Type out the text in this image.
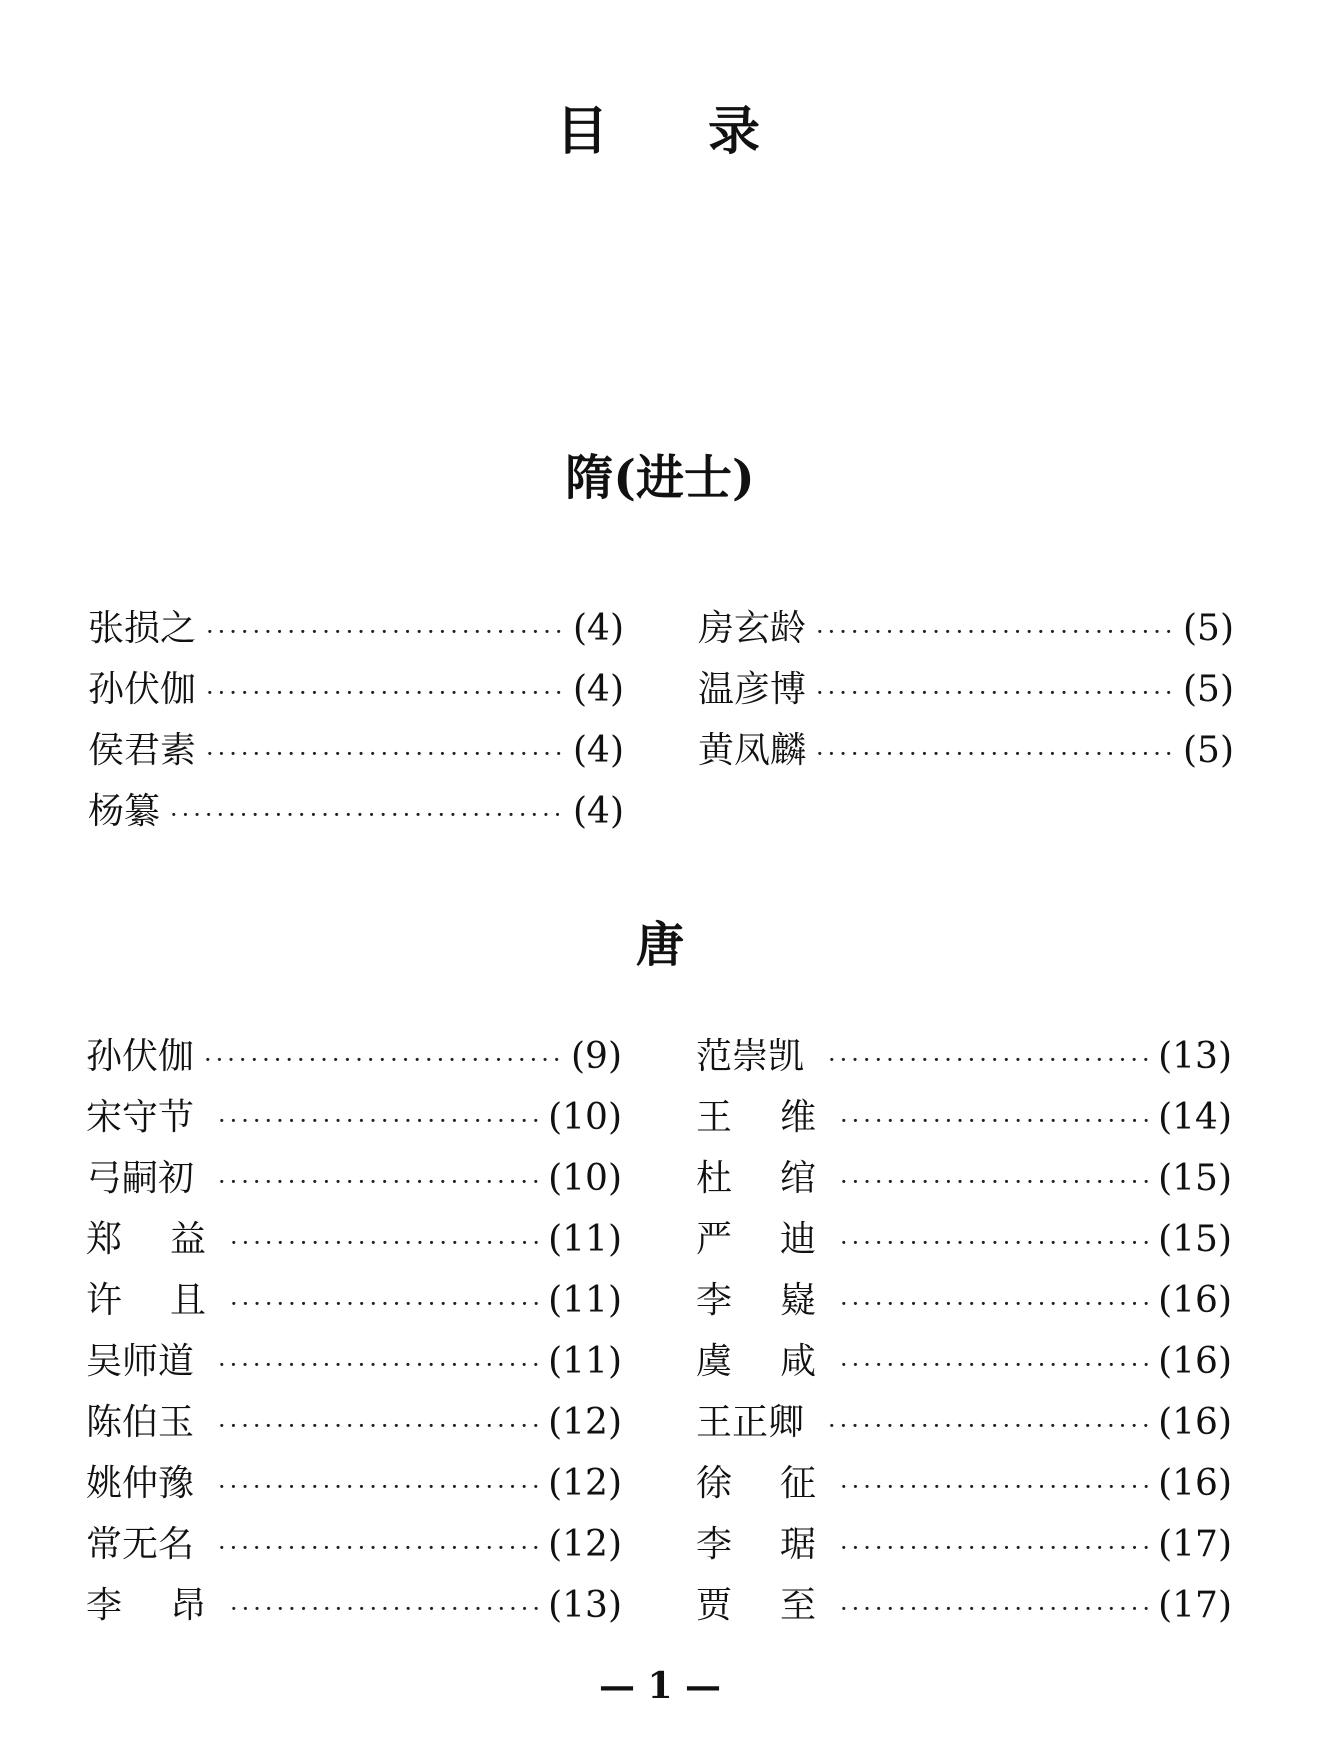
目 录
隋(进士)
张损之 ·····	(4)
孙伏伽 ·····	(4)
侯君素 ·····	(4)
杨纂 ·····	(4)
房玄龄 ·····	(5)
温彦博 ·····	(5)
黄凤麟 ·····	(5)
唐
孙伏伽 ·····	(9)
宋守节 ·····	(10)
弓嗣初 ·····	(10)
郑 益 ·····	(11)
许 且 ·····	(11)
吴师道 ·····	(11)
陈伯玉 ·····	(12)
姚仲豫 ·····	(12)
常无名 ·····	(12)
李 昂 ·····	(13)
范崇凯 ·····	(13)
王 维 ·····	(14)
杜 绾 ·····	(15)
严 迪 ·····	(15)
李 嶷 ·····	(16)
虞 咸 ·····	(16)
王正卿 ·····	(16)
徐 征 ·····	(16)
李 琚 ·····	(17)
贾 至 ·····	(17)
— 1 —
